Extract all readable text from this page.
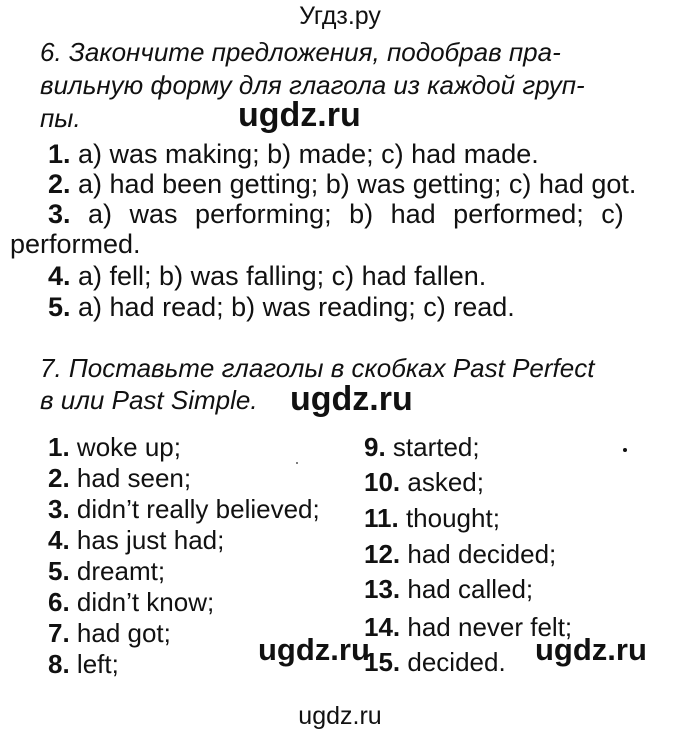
Угдз.ру
6. Закончите предложения, подобрав пра-
вильную форму для глагола из каждой груп-
пы.	ugdz.ru
1. a) was making; b) made; c) had made.
2. a) had been getting; b) was getting; c) had got.
3. a) was performing; b) had performed; c)
performed.
4. a) fell; b) was falling; c) had fallen.
5. a) had read; b) was reading; c) read.
7. Поставьте глаголы в скобках Past Perfect
в или Past Simple. ugdz.ru
1. woke up;
2. had seen;
3. didn’t really believed;
4. has just had;
5. dreamt;
6. didn’t know;
7. had got;
8. left;
9. started;
10. asked;
11. thought;
12. had decided;
13. had called;
14. had never felt;
15. decided.
ugdz.ru	ugdz.ru
ugdz.ru
